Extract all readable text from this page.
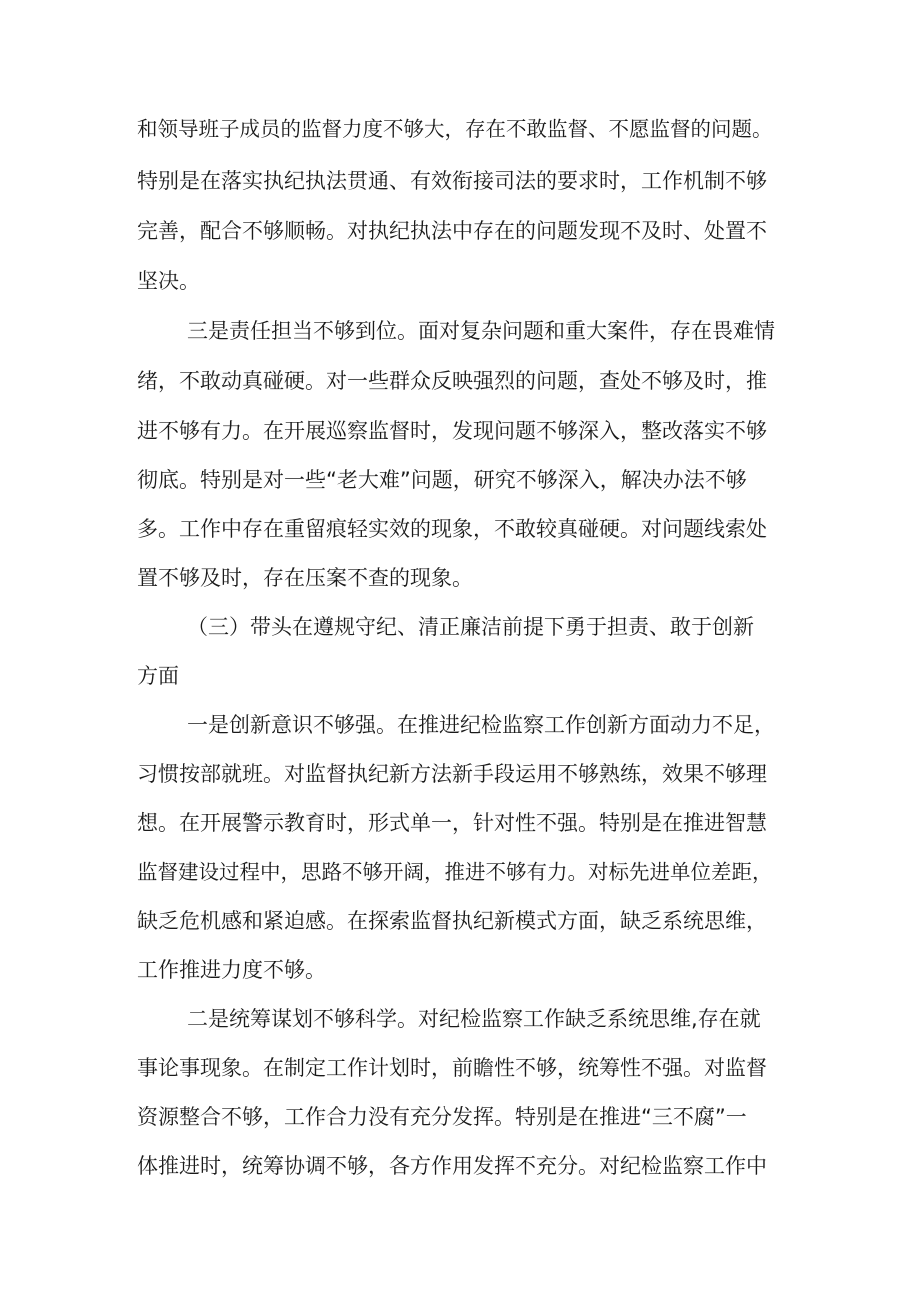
和领导班子成员的监督力度不够大，存在不敢监督、不愿监督的问题。

特别是在落实执纪执法贯通、有效衔接司法的要求时，工作机制不够

完善，配合不够顺畅。对执纪执法中存在的问题发现不及时、处置不

坚决。

三是责任担当不够到位。面对复杂问题和重大案件，存在畏难情

绪，不敢动真碰硬。对一些群众反映强烈的问题，查处不够及时，推

进不够有力。在开展巡察监督时，发现问题不够深入，整改落实不够

彻底。特别是对一些“老大难”问题，研究不够深入，解决办法不够

多。工作中存在重留痕轻实效的现象，不敢较真碰硬。对问题线索处

置不够及时，存在压案不查的现象。

（三）带头在遵规守纪、清正廉洁前提下勇于担责、敢于创新

方面

一是创新意识不够强。在推进纪检监察工作创新方面动力不足，

习惯按部就班。对监督执纪新方法新手段运用不够熟练，效果不够理

想。在开展警示教育时，形式单一，针对性不强。特别是在推进智慧

监督建设过程中，思路不够开阔，推进不够有力。对标先进单位差距，

缺乏危机感和紧迫感。在探索监督执纪新模式方面，缺乏系统思维，

工作推进力度不够。

二是统筹谋划不够科学。对纪检监察工作缺乏系统思维,存在就

事论事现象。在制定工作计划时，前瞻性不够，统筹性不强。对监督

资源整合不够，工作合力没有充分发挥。特别是在推进“三不腐”一

体推进时，统筹协调不够，各方作用发挥不充分。对纪检监察工作中
